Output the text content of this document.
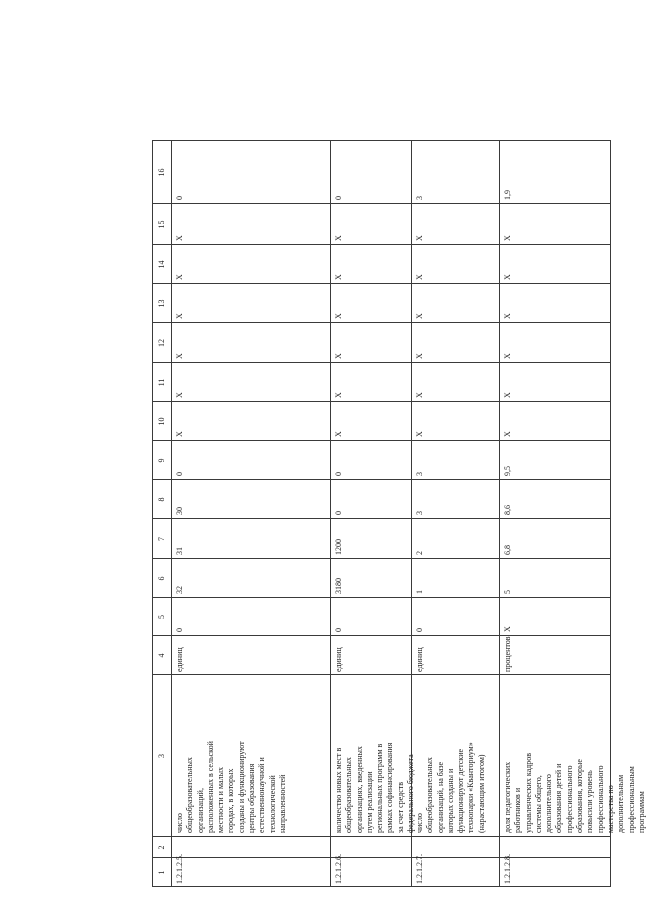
1
2
3
4
5
6
7
8
9
10
11
12
13
14
15
16
1.2.1.2.5.
число
общеобразовательных
организаций,
расположенных в сельской
местности и малых
городах, в которых
созданы и функционируют
центры образования
естественнонаучной и
технологической
направленностей
единиц
0
32
31
30
0
X
X
X
X
X
X
0
1.2.1.2.6.
количество новых мест в
общеобразовательных
организациях, введенных
путем реализации
региональных программ в
рамках софинансирования
за счет средств
федерального бюджета
единиц
0
3180
1200
0
0
X
X
X
X
X
X
0
1.2.1.2.7.
число
общеобразовательных
организаций, на базе
которых созданы и
функционируют детские
технопарки «Кванториум»
(нарастающим итогом)
единиц
0
1
2
3
3
X
X
X
X
X
X
3
1.2.1.2.8.
доля педагогических
работников и
управленческих кадров
системы общего,
дополнительного
образования детей и
профессионального
образования, которые
повысили уровень
профессионального
мастерства по
дополнительным
профессиональным
программам
процентов
X
5
6,8
8,6
9,5
X
X
X
X
X
X
1,9
